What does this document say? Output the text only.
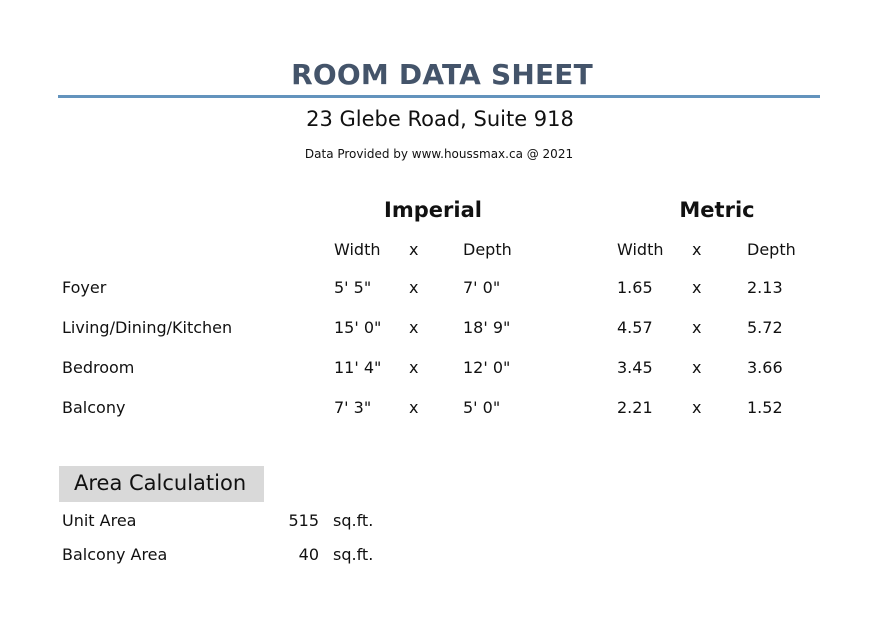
ROOM DATA SHEET
23 Glebe Road, Suite 918
Data Provided by www.houssmax.ca @ 2021
Imperial	Metric
Width x	Depth	Width x	Depth
Foyer	5' 5" x	7' 0"	1.65 x	2.13
Living/Dining/Kitchen	15' 0" x	18' 9"	4.57 x	5.72
Bedroom	11' 4" x	12' 0"	3.45 x	3.66
Balcony	7' 3" x	5' 0"	2.21 x	1.52
Area Calculation
Unit Area	515 sq.ft.
Balcony Area	40 sq.ft.
